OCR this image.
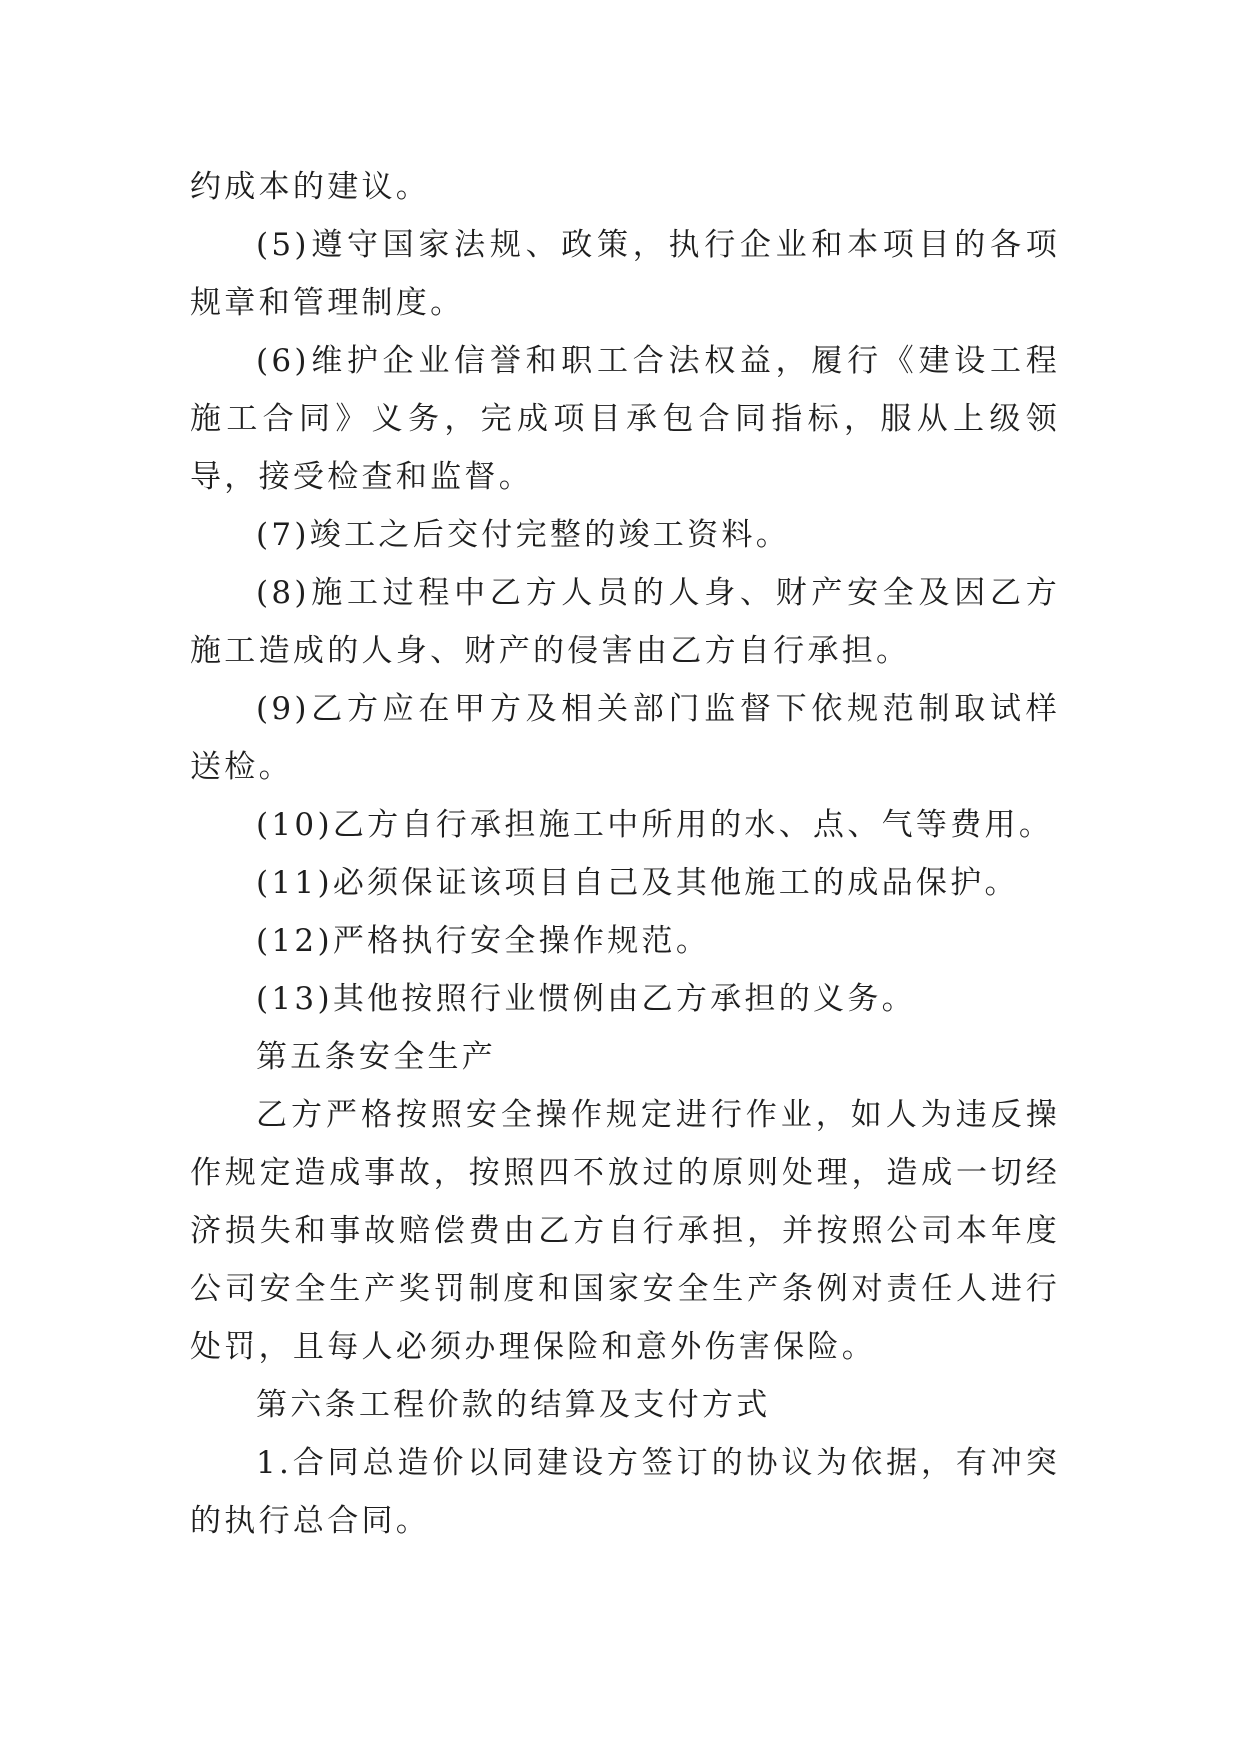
约成本的建议。

(5)遵守国家法规、政策，执行企业和本项目的各项规章和管理制度。

(6)维护企业信誉和职工合法权益，履行《建设工程施工合同》义务，完成项目承包合同指标，服从上级领导，接受检查和监督。

(7)竣工之后交付完整的竣工资料。

(8)施工过程中乙方人员的人身、财产安全及因乙方施工造成的人身、财产的侵害由乙方自行承担。

(9)乙方应在甲方及相关部门监督下依规范制取试样送检。

(10)乙方自行承担施工中所用的水、点、气等费用。

(11)必须保证该项目自己及其他施工的成品保护。

(12)严格执行安全操作规范。

(13)其他按照行业惯例由乙方承担的义务。

第五条安全生产

乙方严格按照安全操作规定进行作业，如人为违反操作规定造成事故，按照四不放过的原则处理，造成一切经济损失和事故赔偿费由乙方自行承担，并按照公司本年度公司安全生产奖罚制度和国家安全生产条例对责任人进行处罚，且每人必须办理保险和意外伤害保险。

第六条工程价款的结算及支付方式

1.合同总造价以同建设方签订的协议为依据，有冲突的执行总合同。
